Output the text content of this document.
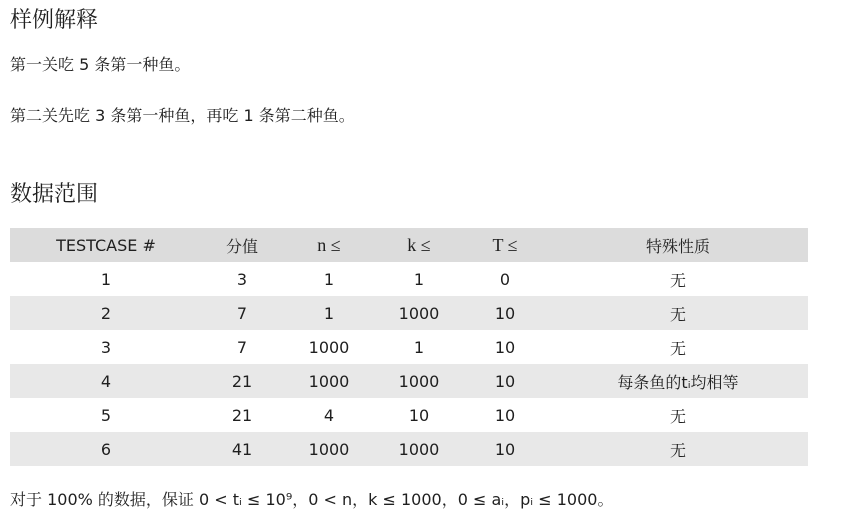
样例解释

第一关吃 5 条第一种鱼。

第二关先吃 3 条第一种鱼，再吃 1 条第二种鱼。

数据范围
TESTCASE #	分值	n ≤	k ≤	T ≤	特殊性质
1	3	1	1	0	无
2	7	1	1000	10	无
3	7	1000	1	10	无
4	21	1000	1000	10	每条鱼的tᵢ均相等
5	21	4	10	10	无
6	41	1000	1000	10	无

对于 100% 的数据，保证 0 < tᵢ ≤ 10⁹，0 < n，k ≤ 1000，0 ≤ aᵢ，pᵢ ≤ 1000。
